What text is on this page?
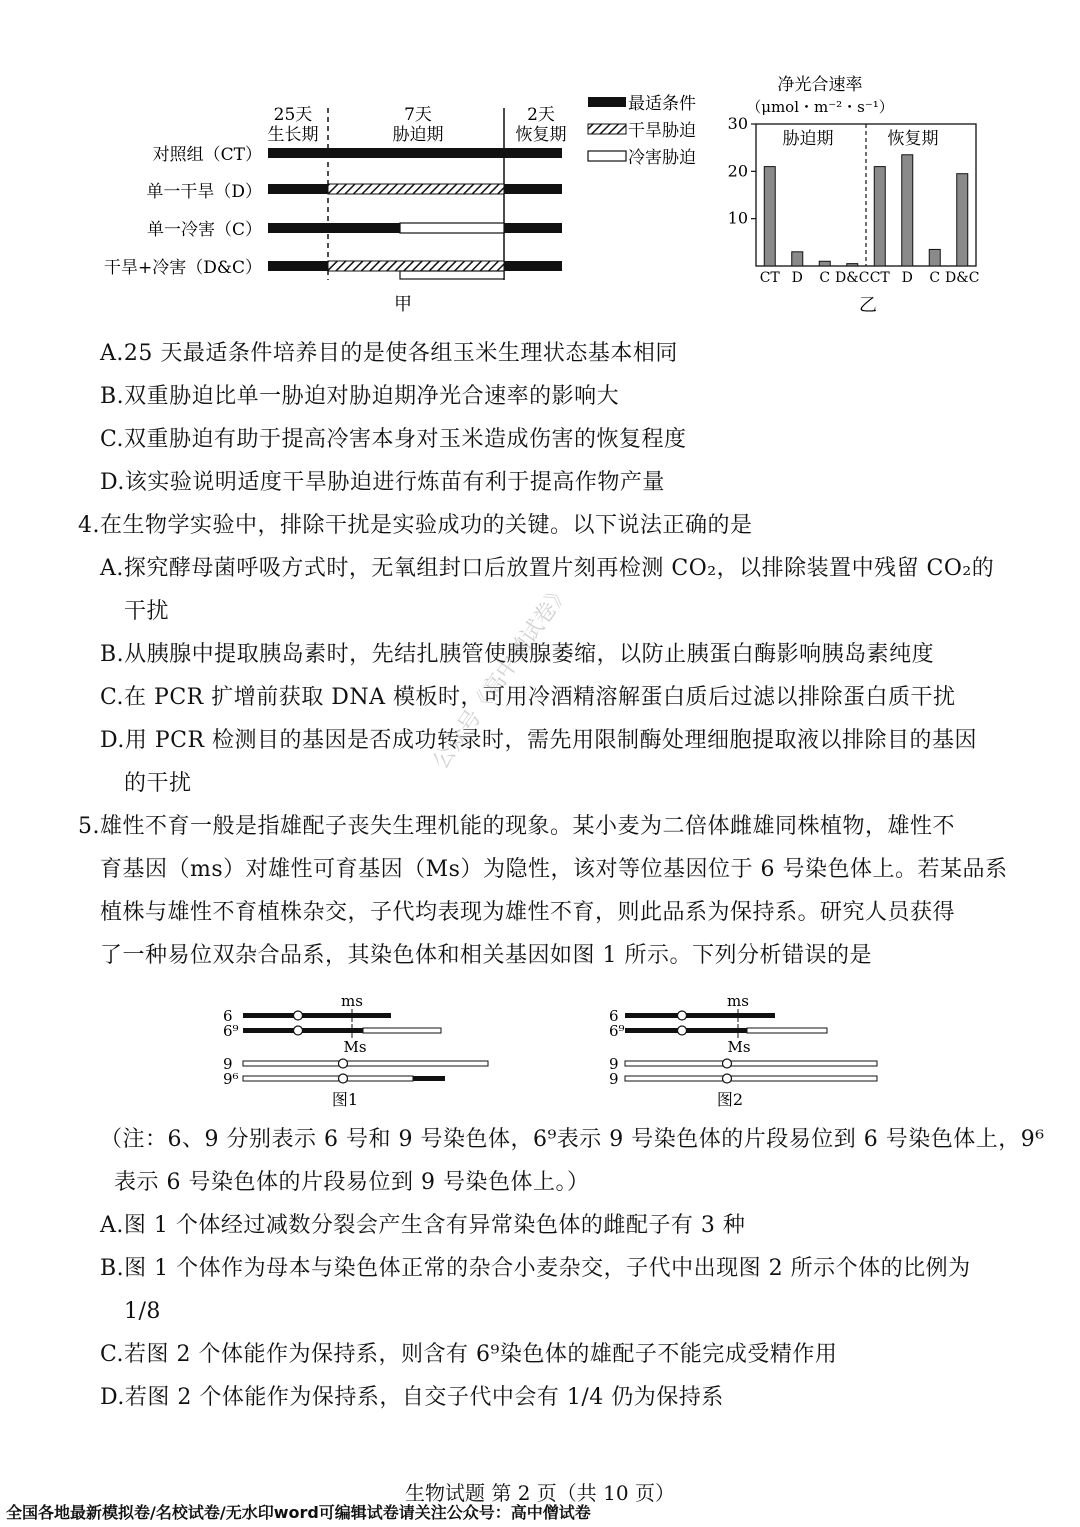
25天
生长期
7天
胁迫期
2天
恢复期
对照组（CT）
单一干旱（D）
单一冷害（C）
干旱+冷害（D&C）
甲
最适条件
干旱胁迫
冷害胁迫
净光合速率
（μmol・m⁻²・s⁻¹）
10
20
30
CT D C D&C CT D C D&C
胁迫期	恢复期
乙
A.25 天最适条件培养目的是使各组玉米生理状态基本相同
B.双重胁迫比单一胁迫对胁迫期净光合速率的影响大
C.双重胁迫有助于提高冷害本身对玉米造成伤害的恢复程度
D.该实验说明适度干旱胁迫进行炼苗有利于提高作物产量
4.在生物学实验中，排除干扰是实验成功的关键。以下说法正确的是
A.探究酵母菌呼吸方式时，无氧组封口后放置片刻再检测 CO₂，以排除装置中残留 CO₂的
干扰
B.从胰腺中提取胰岛素时，先结扎胰管使胰腺萎缩，以防止胰蛋白酶影响胰岛素纯度
C.在 PCR 扩增前获取 DNA 模板时，可用冷酒精溶解蛋白质后过滤以排除蛋白质干扰
D.用 PCR 检测目的基因是否成功转录时，需先用限制酶处理细胞提取液以排除目的基因
的干扰
5.雄性不育一般是指雄配子丧失生理机能的现象。某小麦为二倍体雌雄同株植物，雄性不
育基因（ms）对雄性可育基因（Ms）为隐性，该对等位基因位于 6 号染色体上。若某品系
植株与雄性不育植株杂交，子代均表现为雄性不育，则此品系为保持系。研究人员获得
了一种易位双杂合品系，其染色体和相关基因如图 1 所示。下列分析错误的是
公众号《高中僧试卷》
ms
6
6⁹
Ms
9
9⁶
图1
ms
6
6⁹
Ms
9
9
图2
（注：6、9 分别表示 6 号和 9 号染色体，6⁹表示 9 号染色体的片段易位到 6 号染色体上，9⁶
表示 6 号染色体的片段易位到 9 号染色体上。）
A.图 1 个体经过减数分裂会产生含有异常染色体的雌配子有 3 种
B.图 1 个体作为母本与染色体正常的杂合小麦杂交，子代中出现图 2 所示个体的比例为
1/8
C.若图 2 个体能作为保持系，则含有 6⁹染色体的雄配子不能完成受精作用
D.若图 2 个体能作为保持系，自交子代中会有 1/4 仍为保持系
生物试题 第 2 页（共 10 页）
全国各地最新模拟卷/名校试卷/无水印word可编辑试卷请关注公众号：高中僧试卷
